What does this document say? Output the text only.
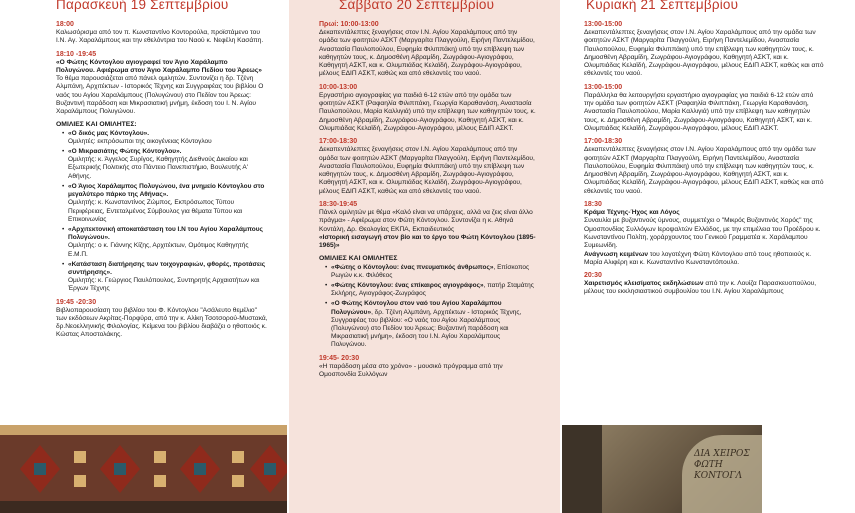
Παρασκευή 19 Σεπτεμβρίου
18:00

Καλωσόρισμα από τον π. Κωνσταντίνο Κοντορούλα, προϊστάμενο του Ι.Ν. Αγ. Χαραλάμπους και την εθελόντρια του Ναού κ. Νεφέλη Κασάπη.

18:10 -19:45

«Ο Φώτης Κόντογλου αγιογραφεί τον Άγιο Χαράλαμπο Πολυγώνου. Αφιέρωμα στον Άγιο Χαράλαμπο Πεδίου του Άρεως»

Το θέμα παρουσιάζεται από πάνελ ομιλητών. Συντονίζει η δρ. Τζένη Αλμπάνη, Αρχιτέκτων - Ιστορικός Τέχνης και Συγγραφέας του βιβλίου Ο ναός του Αγίου Χαραλάμπους (Πολυγώνου) στο Πεδίον του Άρεως: Βυζαντινή παράδοση και Μικρασιατική μνήμη, έκδοση του Ι. Ν. Αγίου Χαραλάμπους Πολυγώνου.

ΟΜΙΛΙΕΣ ΚΑΙ ΟΜΙΛΗΤΕΣ:
• «Ο δικός μας Κόντογλου».
Ομιλητές: εκπρόσωποι της οικογένειας Κόντογλου
• «Ο Μικρασιάτης Φώτης Κόντογλου».
Ομιλητής: κ. Άγγελος Συρίγος, Καθηγητής Διεθνούς Δικαίου και Εξωτερικής Πολιτικής στο Πάντειο Πανεπιστήμιο, Βουλευτής Α' Αθήνης.
• «Ο Άγιος Χαράλαμπος Πολυγώνου, ένα μνημείο Κόντογλου στο μεγαλύτερο πάρκο της Αθήνας».
Ομιλητής: κ. Κωνσταντίνος Ζώμπος, Εκπρόσωπος Τύπου Περιφέρειας, Εντεταλμένος Σύμβουλος για θέματα Τύπου και Επικοινωνίας
• «Αρχιτεκτονική αποκατάσταση του Ι.Ν του Αγίου Χαραλάμπους Πολυγώνου».
Ομιλητής: ο κ. Γιάννης Κίζης, Αρχιτέκτων, Ομότιμος Καθηγητής Ε.Μ.Π.
• «Κατάσταση διατήρησης των τοιχογραφιών, φθορές, προτάσεις συντήρησης».
Ομιλητής: κ. Γεώργιος Παυλόπουλος, Συντηρητής Αρχαιοτήτων και Έργων Τέχνης
19:45 -20:30

Βιβλιοπαρουσίαση του βιβλίου του Φ. Κόντογλου "Ασάλευτο θεμέλιο" των εκδόσεων Ακρίτας-Πορφύρα, από την κ. Αλίκη Τσοτσορού-Μυστακά, δρ.Νεοελληνικής Φιλολογίας. Κείμενα του βιβλίου διαβάζει ο ηθοποιός κ. Κώστας Αποστολάκης.

Σάββατο 20 Σεπτεμβρίου
Πρωί: 10:00-13:00

Δεκαπεντάλεπτες ξεναγήσεις στον Ι.Ν. Αγίου Χαραλάμπους από την ομάδα των φοιτητών ΑΣΚΤ (Μαργαρίτα Πλαγγούλη, Ειρήνη Παντελεμίδου, Αναστασία Παυλοπούλου, Ευφημία Φιλιππάκη) υπό την επίβλεψη των καθηγητών τους, κ. Δημοσθένη Αβραμίδη, Ζωγράφου-Αγιογράφου, Καθηγητή ΑΣΚΤ, και κ. Ολυμπιάδας Κελαϊδή, Ζωγράφου-Αγιογράφου, μέλους ΕΔΙΠ ΑΣΚΤ, καθώς και από εθελοντές του ναού.

10:00-13:00

Εργαστήριο αγιογραφίας για παιδιά 6-12 ετών από την ομάδα των φοιτητών ΑΣΚΤ (Ραφαηλία Φιλιππάκη, Γεωργία Καραθανάση, Αναστασία Παυλοπούλου, Μαρία Καλλιγιά) υπό την επίβλεψη των καθηγητών τους, κ. Δημοσθένη Αβραμίδη, Ζωγράφου-Αγιογράφου, Καθηγητή ΑΣΚΤ, και κ. Ολυμπιάδας Κελαϊδή, Ζωγράφου-Αγιογράφου, μέλους ΕΔΙΠ ΑΣΚΤ.

17:00-18:30

Δεκαπεντάλεπτες ξεναγήσεις στον Ι.Ν. Αγίου Χαραλάμπους από την ομάδα των φοιτητών ΑΣΚΤ (Μαργαρίτα Πλαγγούλη, Ειρήνη Παντελεμίδου, Αναστασία Παυλοπούλου, Ευφημία Φιλιππάκη) υπό την επίβλεψη των καθηγητών τους, κ. Δημοσθένη Αβραμίδη, Ζωγράφου-Αγιογράφου, Καθηγητή ΑΣΚΤ, και κ. Ολυμπιάδας Κελαϊδή, Ζωγράφου-Αγιογράφου, μέλους ΕΔΙΠ ΑΣΚΤ, καθώς και από εθελοντές του ναού.

18:30-19:45

Πάνελ ομιλητών με θέμα «Καλό είναι να υπάρχεις, αλλά να ζεις είναι άλλο πράγμα» - Αφιέρωμα στον Φώτη Κόντογλου. Συντονίζει η κ. Αθηνά Κοντάλη, Δρ. Θεολογίας ΕΚΠΑ, Εκπαιδευτικός

«Ιστορική εισαγωγή στον βίο και το έργο του Φώτη Κόντογλου (1895-1965)»

ΟΜΙΛΙΕΣ ΚΑΙ ΟΜΙΛΗΤΕΣ
• «Φώτης ο Κόντογλου: ένας πνευματικός άνθρωπος», Επίσκοπος Ρωγών κ.κ. Φιλόθεος
• «Φώτης Κόντογλου: ένας επίκαιρος αγιογράφος», πατήρ Σταμάτης Σκλήρης, Αγιογράφος-Ζωγράφος
• «Ο Φώτης Κόντογλου στον ναό του Αγίου Χαραλάμπου Πολυγώνου», δρ. Τζένη Αλμπάνη, Αρχιτέκτων - Ιστορικός Τέχνης, Συγγραφέας του βιβλίου: «Ο ναός του Αγίου Χαραλάμπους (Πολυγώνου) στο Πεδίον του Άρεως: Βυζαντινή παράδοση και Μικρασιατική μνήμη», έκδοση του Ι.Ν. Αγίου Χαραλάμπους Πολυγώνου.
19:45- 20:30

«Η παράδοση μέσα στο χρόνο» - μουσικό πρόγραμμα από την Ομοσπονδία Συλλόγων

Κυριακή 21 Σεπτεμβρίου
13:00-15:00

Δεκαπεντάλεπτες ξεναγήσεις στον Ι.Ν. Αγίου Χαραλάμπους από την ομάδα των φοιτητών ΑΣΚΤ (Μαργαρίτα Πλαγγούλη, Ειρήνη Παντελεμίδου, Αναστασία Παυλοπούλου, Ευφημία Φιλιππάκη) υπό την επίβλεψη των καθηγητών τους, κ. Δημοσθένη Αβραμίδη, Ζωγράφου-Αγιογράφου, Καθηγητή ΑΣΚΤ, και κ. Ολυμπιάδας Κελαϊδή, Ζωγράφου-Αγιογράφου, μέλους ΕΔΙΠ ΑΣΚΤ, καθώς και από εθελοντές του ναού.

13:00-15:00

Παράλληλα θα λειτουργήσει εργαστήριο αγιογραφίας για παιδιά 6-12 ετών από την ομάδα των φοιτητών ΑΣΚΤ (Ραφαηλία Φιλιππάκη, Γεωργία Καραθανάση, Αναστασία Παυλοπούλου, Μαρία Καλλιγιά) υπό την επίβλεψη των καθηγητών τους, κ. Δημοσθένη Αβραμίδη, Ζωγράφου-Αγιογράφου, Καθηγητή ΑΣΚΤ, και κ. Ολυμπιάδας Κελαϊδή, Ζωγράφου-Αγιογράφου, μέλους ΕΔΙΠ ΑΣΚΤ.

17:00-18:30

Δεκαπεντάλεπτες ξεναγήσεις στον Ι.Ν. Αγίου Χαραλάμπους από την ομάδα των φοιτητών ΑΣΚΤ (Μαργαρίτα Πλαγγούλη, Ειρήνη Παντελεμίδου, Αναστασία Παυλοπούλου, Ευφημία Φιλιππάκη) υπό την επίβλεψη των καθηγητών τους, κ. Δημοσθένη Αβραμίδη, Ζωγράφου-Αγιογράφου, Καθηγητή ΑΣΚΤ, και κ. Ολυμπιάδας Κελαϊδή, Ζωγράφου-Αγιογράφου, μέλους ΕΔΙΠ ΑΣΚΤ, καθώς και από εθελοντές του ναού.

18:30

Κράμα Τέχνης-Ήχος και Λόγος

Συναυλία με βυζαντινούς ύμνους, συμμετέχει ο "Μικρός Βυζαντινός Χορός" της Ομοσπονδίας Συλλόγων Ιεροψαλτών Ελλάδος, με την επιμέλεια του Προέδρου κ. Κωνσταντίνου Πολίτη, χοράρχουντος του Γενικού Γραμματέα κ. Χαράλαμπου Συμεωνίδη.

Ανάγνωση κειμένων του λογοτέχνη Φώτη Κόντογλου από τους ηθοποιούς κ. Μαρία Αλιφέρη και κ. Κωνσταντίνο Κωνσταντόπουλο.

20:30

Χαιρετισμός κλεισίματος εκδηλώσεων από την κ. Λουίζα Παρασκευοπούλου, μέλους του εκκλησιαστικού συμβουλίου του Ι.Ν. Αγίου Χαραλάμπους

ΔΙΑ ΧΕΙΡΟΣ ΦΩΤΗ ΚΟΝΤΟΓΛ
